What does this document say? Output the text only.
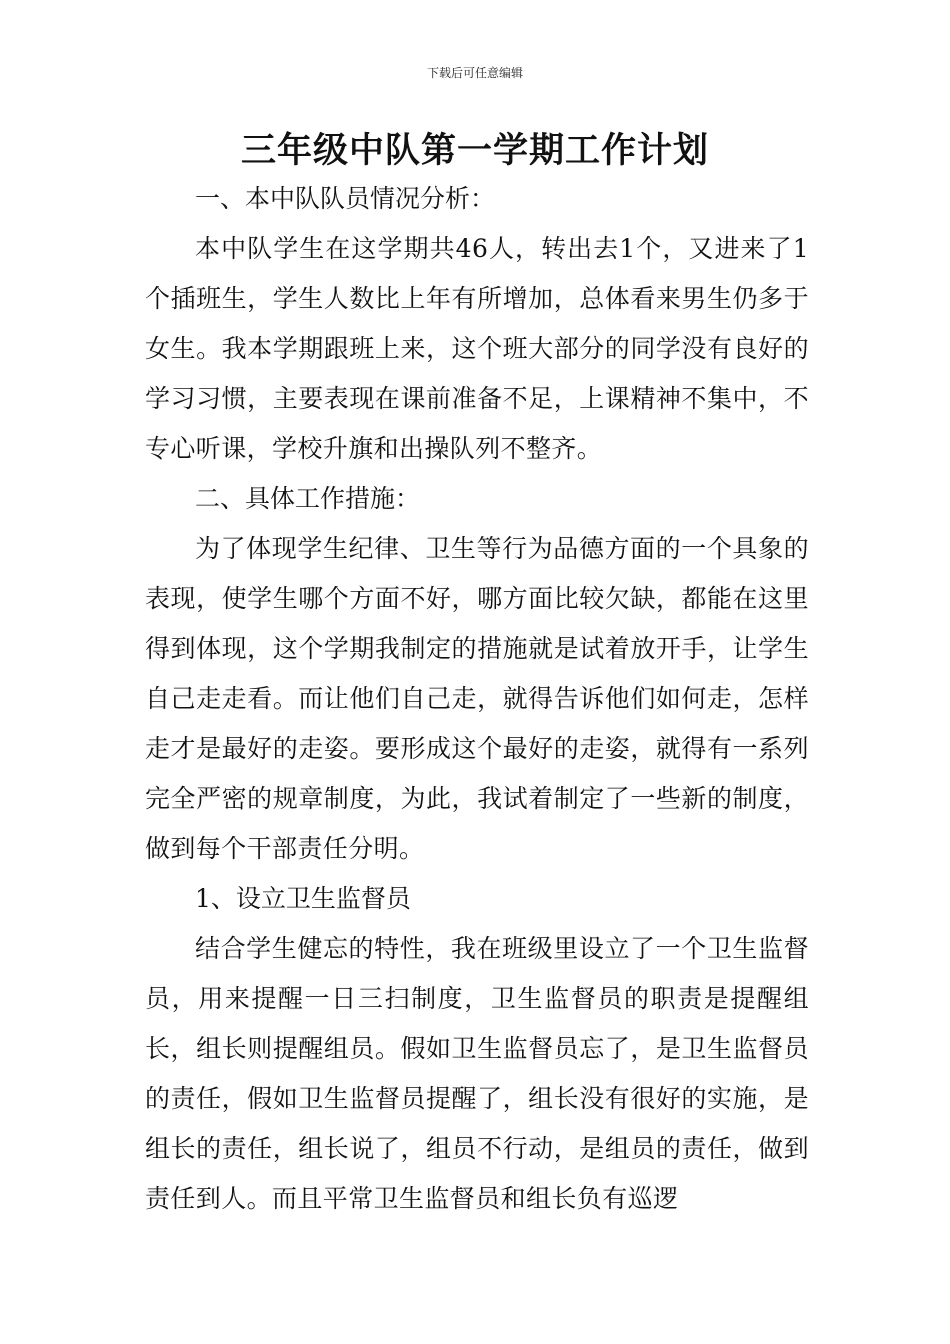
下载后可任意编辑
三年级中队第一学期工作计划

一、本中队队员情况分析：

本中队学生在这学期共46人，转出去1个，又进来了1个插班生，学生人数比上年有所增加，总体看来男生仍多于女生。我本学期跟班上来，这个班大部分的同学没有良好的学习习惯，主要表现在课前准备不足，上课精神不集中，不专心听课，学校升旗和出操队列不整齐。

二、具体工作措施：

为了体现学生纪律、卫生等行为品德方面的一个具象的表现，使学生哪个方面不好，哪方面比较欠缺，都能在这里得到体现，这个学期我制定的措施就是试着放开手，让学生自己走走看。而让他们自己走，就得告诉他们如何走，怎样走才是最好的走姿。要形成这个最好的走姿，就得有一系列完全严密的规章制度，为此，我试着制定了一些新的制度，做到每个干部责任分明。

1、设立卫生监督员

结合学生健忘的特性，我在班级里设立了一个卫生监督员，用来提醒一日三扫制度，卫生监督员的职责是提醒组长，组长则提醒组员。假如卫生监督员忘了，是卫生监督员的责任，假如卫生监督员提醒了，组长没有很好的实施，是组长的责任，组长说了，组员不行动，是组员的责任，做到责任到人。而且平常卫生监督员和组长负有巡逻
